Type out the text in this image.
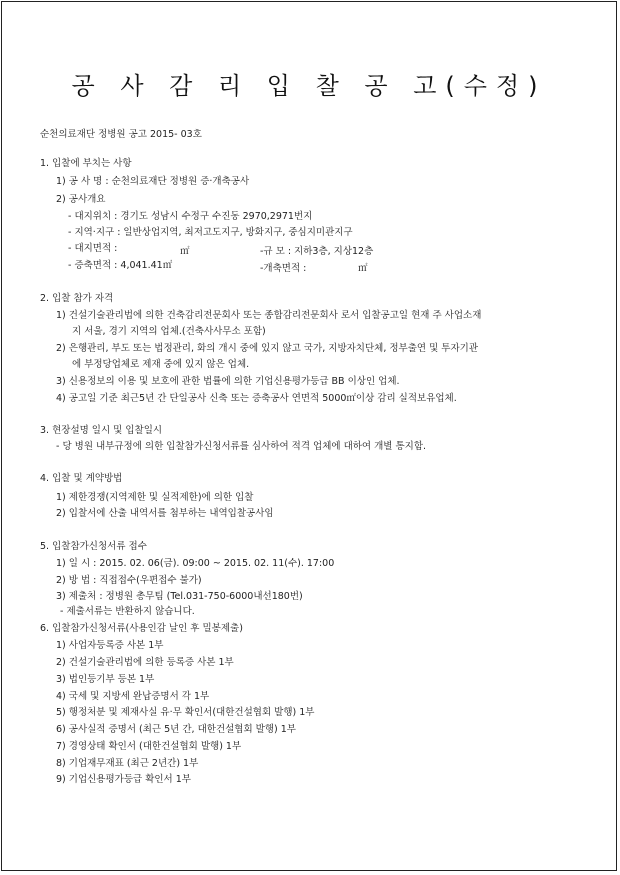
공 사 감 리 입 찰 공 고(수정)
순천의료재단 정병원 공고 2015- 03호
1. 입찰에 부치는 사항
1) 공 사 명 : 순천의료재단 정병원 증·개축공사
2) 공사개요
- 대지위치 : 경기도 성남시 수정구 수진동 2970,2971번지
- 지역·지구 : 일반상업지역, 최저고도지구, 방화지구, 중심지미관지구
- 대지면적 :	㎡	-규 모 : 지하3층, 지상12층
- 증축면적 : 4,041.41㎡	-개축면적 :	㎡
2. 입찰 참가 자격
1) 건설기술관리법에 의한 건축감리전문회사 또는 종합감리전문회사 로서 입찰공고일 현재 주 사업소재
지 서울, 경기 지역의 업체.(건축사사무소 포함)
2) 은행관리, 부도 또는 법정관리, 화의 개시 중에 있지 않고 국가, 지방자치단체, 정부출연 및 투자기관
에 부정당업체로 제재 중에 있지 않은 업체.
3) 신용정보의 이용 및 보호에 관한 법률에 의한 기업신용평가등급 BB 이상인 업체.
4) 공고일 기준 최근5년 간 단일공사 신축 또는 증축공사 연면적 5000㎡이상 감리 실적보유업체.
3. 현장설명 일시 및 입찰일시
- 당 병원 내부규정에 의한 입찰참가신청서류를 심사하여 적격 업체에 대하여 개별 통지함.
4. 입찰 및 계약방법
1) 제한경쟁(지역제한 및 실적제한)에 의한 입찰
2) 입찰서에 산출 내역서를 첨부하는 내역입찰공사임
5. 입찰참가신청서류 접수
1) 일 시 : 2015. 02. 06(금). 09:00 ~ 2015. 02. 11(수). 17:00
2) 방 법 : 직접접수(우편접수 불가)
3) 제출처 : 정병원 총무팀 (Tel.031-750-6000내선180번)
- 제출서류는 반환하지 않습니다.
6. 입찰참가신청서류(사용인감 날인 후 밀봉제출)
1) 사업자등록증 사본 1부
2) 건설기술관리법에 의한 등록증 사본 1부
3) 법인등기부 등본 1부
4) 국세 및 지방세 완납증명서 각 1부
5) 행정처분 및 제재사실 유·무 확인서(대한건설협회 발행) 1부
6) 공사실적 증명서 (최근 5년 간, 대한건설협회 발행) 1부
7) 경영상태 확인서 (대한건설협회 발행) 1부
8) 기업재무재표 (최근 2년간) 1부
9) 기업신용평가등급 확인서 1부
